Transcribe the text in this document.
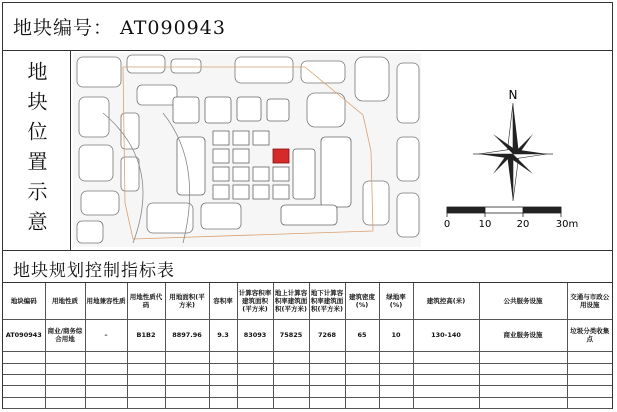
地块编号： AT090943
地块位置示意	N
0	10	20	30m
地块规划控制指标表
地块编码	用地性质	用地兼容性质	用地性质代码	用地面积(平方米)	容积率	计算容积率建筑面积(平方米)	地上计算容积率建筑面积(平方米)	地下计算容积率建筑面积(平方米)	建筑密度(%)	绿地率(%)	建筑控高(米)	公共服务设施	交通与市政公用设施
AT090943	商业/商务综合用地	–	B1B2	8897.96	9.3	83093	75825	7268	65	10	130-140	商业服务设施	垃圾分类收集点
